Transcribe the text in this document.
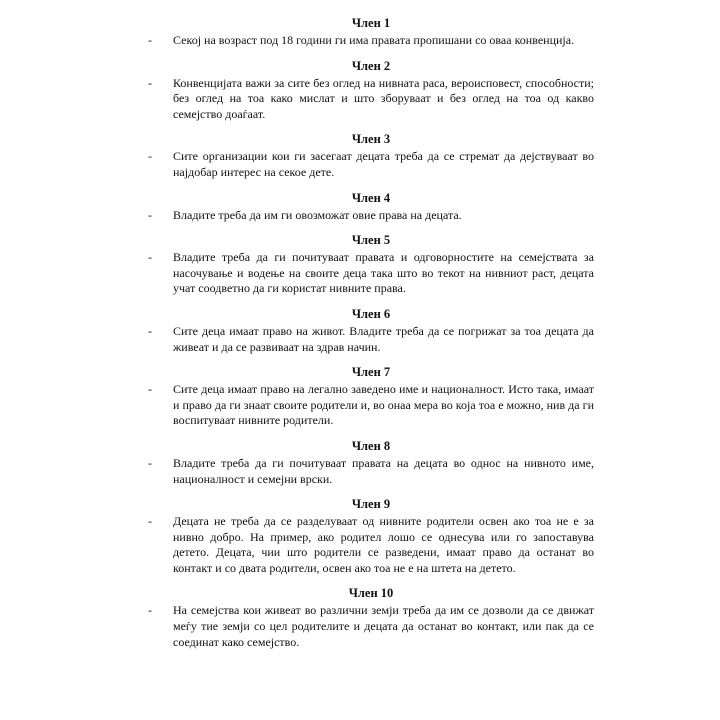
Член 1
- Секој на возраст под 18 години ги има правата пропишани со оваа конвенција.

Член 2
- Конвенцијата важи за сите без оглед на нивната раса, вероисповест, способности; без оглед на тоа како мислат и што зборуваат и без оглед на тоа од какво семејство доаѓаат.

Член 3
- Сите организации кои ги засегаат децата треба да се стремат да дејствуваат во најдобар интерес на секое дете.

Член 4
- Владите треба да им ги овозможат овие права на децата.

Член 5
- Владите треба да ги почитуваат правата и одговорностите на семејствата за насочување и водење на своите деца така што во текот на нивниот раст, децата учат соодветно да ги користат нивните права.

Член 6
- Сите деца имаат право на живот. Владите треба да се погрижат за тоа децата да живеат и да се развиваат на здрав начин.

Член 7
- Сите деца имаат право на легално заведено име и националност. Исто така, имаат и право да ги знаат своите родители и, во онаа мера во која тоа е можно, нив да ги воспитуваат нивните родители.

Член 8
- Владите треба да ги почитуваат правата на децата во однос на нивното име, националност и семејни врски.

Член 9
- Децата не треба да се разделуваат од нивните родители освен ако тоа не е за нивно добро. На пример, ако родител лошо се однесува или го запоставува детето. Децата, чии што родители се разведени, имаат право да останат во контакт и со двата родители, освен ако тоа не е на штета на детето.

Член 10
- На семејства кои живеат во различни земји треба да им се дозволи да се движат меѓу тие земји со цел родителите и децата да останат во контакт, или пак да се соединат како семејство.
